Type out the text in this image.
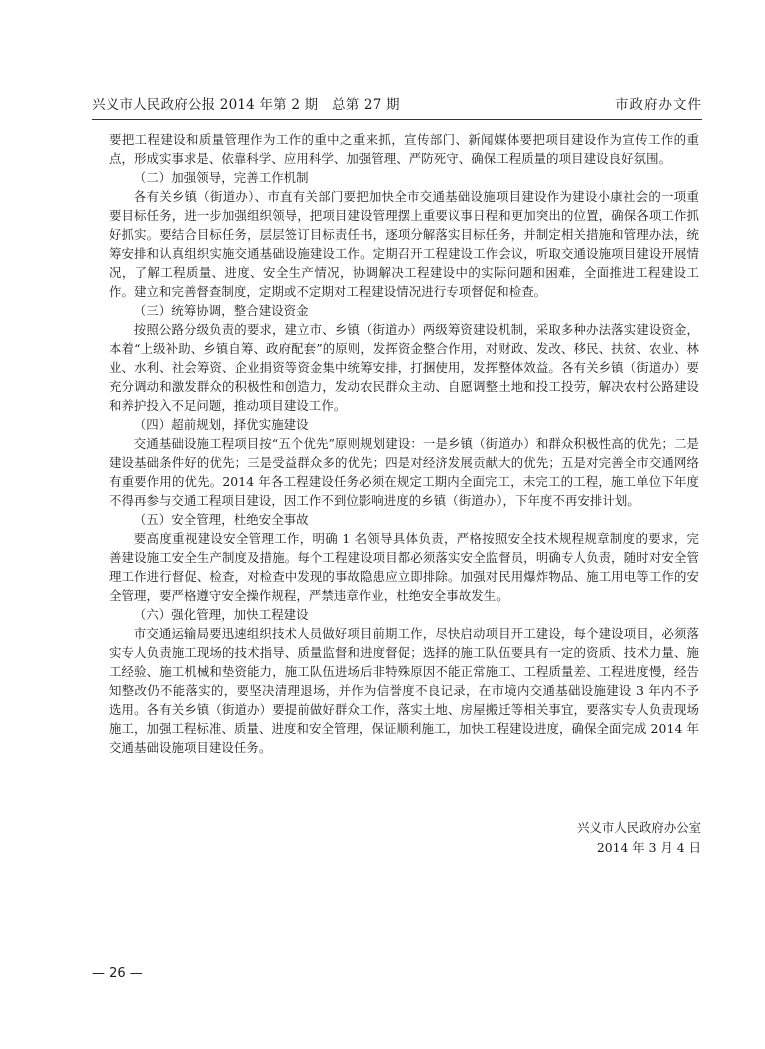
兴义市人民政府公报 2014 年第 2 期　总第 27 期	市政府办文件

要把工程建设和质量管理作为工作的重中之重来抓，宣传部门、新闻媒体要把项目建设作为宣传工作的重点，形成实事求是、依靠科学、应用科学、加强管理、严防死守、确保工程质量的项目建设良好氛围。

（二）加强领导，完善工作机制

各有关乡镇（街道办）、市直有关部门要把加快全市交通基础设施项目建设作为建设小康社会的一项重要目标任务，进一步加强组织领导，把项目建设管理摆上重要议事日程和更加突出的位置，确保各项工作抓好抓实。要结合目标任务，层层签订目标责任书，逐项分解落实目标任务，并制定相关措施和管理办法，统筹安排和认真组织实施交通基础设施建设工作。定期召开工程建设工作会议，听取交通设施项目建设开展情况，了解工程质量、进度、安全生产情况，协调解决工程建设中的实际问题和困难，全面推进工程建设工作。建立和完善督查制度，定期或不定期对工程建设情况进行专项督促和检查。

（三）统筹协调，整合建设资金

按照公路分级负责的要求，建立市、乡镇（街道办）两级筹资建设机制，采取多种办法落实建设资金，本着“上级补助、乡镇自筹、政府配套”的原则，发挥资金整合作用，对财政、发改、移民、扶贫、农业、林业、水利、社会筹资、企业捐资等资金集中统筹安排，打捆使用，发挥整体效益。各有关乡镇（街道办）要充分调动和激发群众的积极性和创造力，发动农民群众主动、自愿调整土地和投工投劳，解决农村公路建设和养护投入不足问题，推动项目建设工作。

（四）超前规划，择优实施建设

交通基础设施工程项目按“五个优先”原则规划建设：一是乡镇（街道办）和群众积极性高的优先；二是建设基础条件好的优先；三是受益群众多的优先；四是对经济发展贡献大的优先；五是对完善全市交通网络有重要作用的优先。2014 年各工程建设任务必须在规定工期内全面完工，未完工的工程，施工单位下年度不得再参与交通工程项目建设，因工作不到位影响进度的乡镇（街道办），下年度不再安排计划。

（五）安全管理，杜绝安全事故

要高度重视建设安全管理工作，明确 1 名领导具体负责，严格按照安全技术规程规章制度的要求，完善建设施工安全生产制度及措施。每个工程建设项目都必须落实安全监督员，明确专人负责，随时对安全管理工作进行督促、检查，对检查中发现的事故隐患应立即排除。加强对民用爆炸物品、施工用电等工作的安全管理，要严格遵守安全操作规程，严禁违章作业，杜绝安全事故发生。

（六）强化管理，加快工程建设

市交通运输局要迅速组织技术人员做好项目前期工作，尽快启动项目开工建设，每个建设项目，必须落实专人负责施工现场的技术指导、质量监督和进度督促；选择的施工队伍要具有一定的资质、技术力量、施工经验、施工机械和垫资能力，施工队伍进场后非特殊原因不能正常施工、工程质量差、工程进度慢，经告知整改仍不能落实的，要坚决清理退场，并作为信誉度不良记录，在市境内交通基础设施建设 3 年内不予选用。各有关乡镇（街道办）要提前做好群众工作，落实土地、房屋搬迁等相关事宜，要落实专人负责现场施工，加强工程标准、质量、进度和安全管理，保证顺利施工，加快工程建设进度，确保全面完成 2014 年交通基础设施项目建设任务。

兴义市人民政府办公室
2014 年 3 月 4 日
— 26 —
